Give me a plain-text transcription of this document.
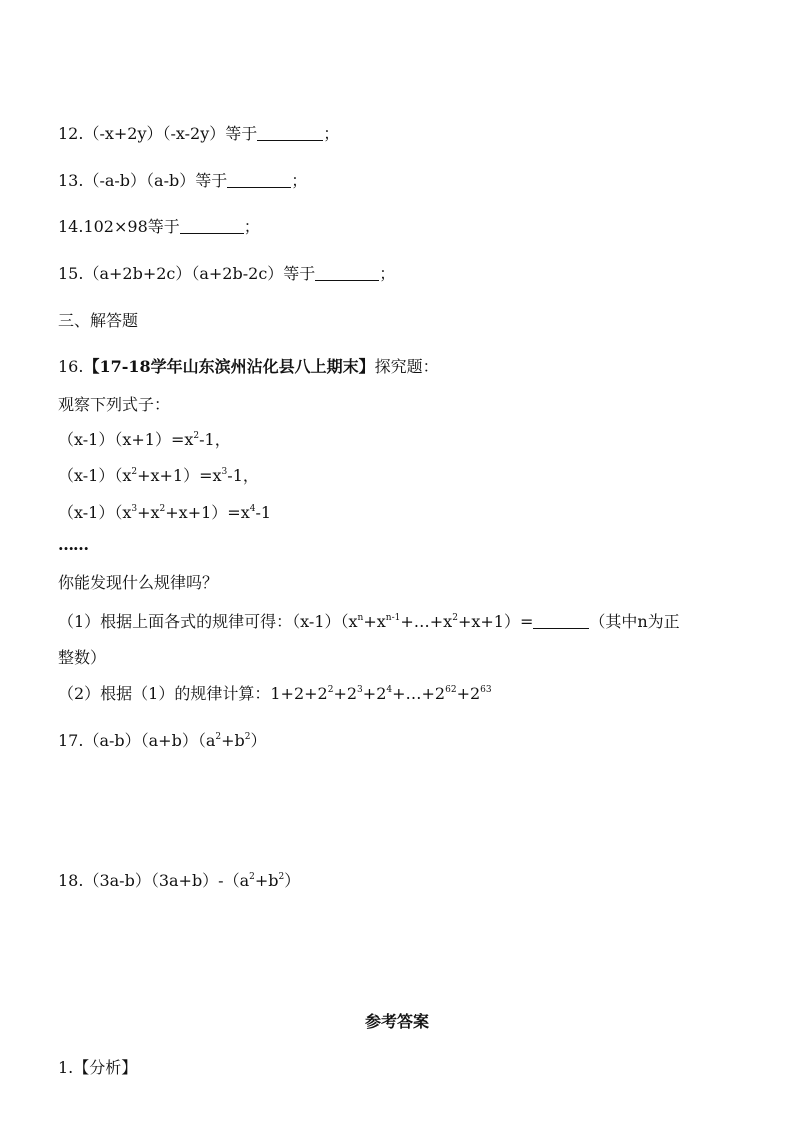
12.（-x+2y）（-x-2y）等于	；
13.（-a-b）（a-b）等于	；
14.102×98等于	；
15.（a+2b+2c）（a+2b-2c）等于	；
三、解答题
16.【17-18学年山东滨州沾化县八上期末】探究题：
观察下列式子：
$(x-1)(x+1)=x^2-1$，
$(x-1)(x^2+x+1)=x^3-1$，
$(x-1)(x^3+x^2+x+1)=x^4-1$
……
你能发现什么规律吗？
（1）根据上面各式的规律可得：$(x-1)(x^n+x^{n-1}+\dots+x^2+x+1)=$	（其中n为正
整数）
（2）根据（1）的规律计算：$1+2+2^2+2^3+2^4+\dots+2^{62}+2^{63}$
$17.(a-b)(a+b)(a^2+b^2)$
$18.(3a-b)(3a+b)-(a^2+b^2)$
参考答案
1.【分析】
